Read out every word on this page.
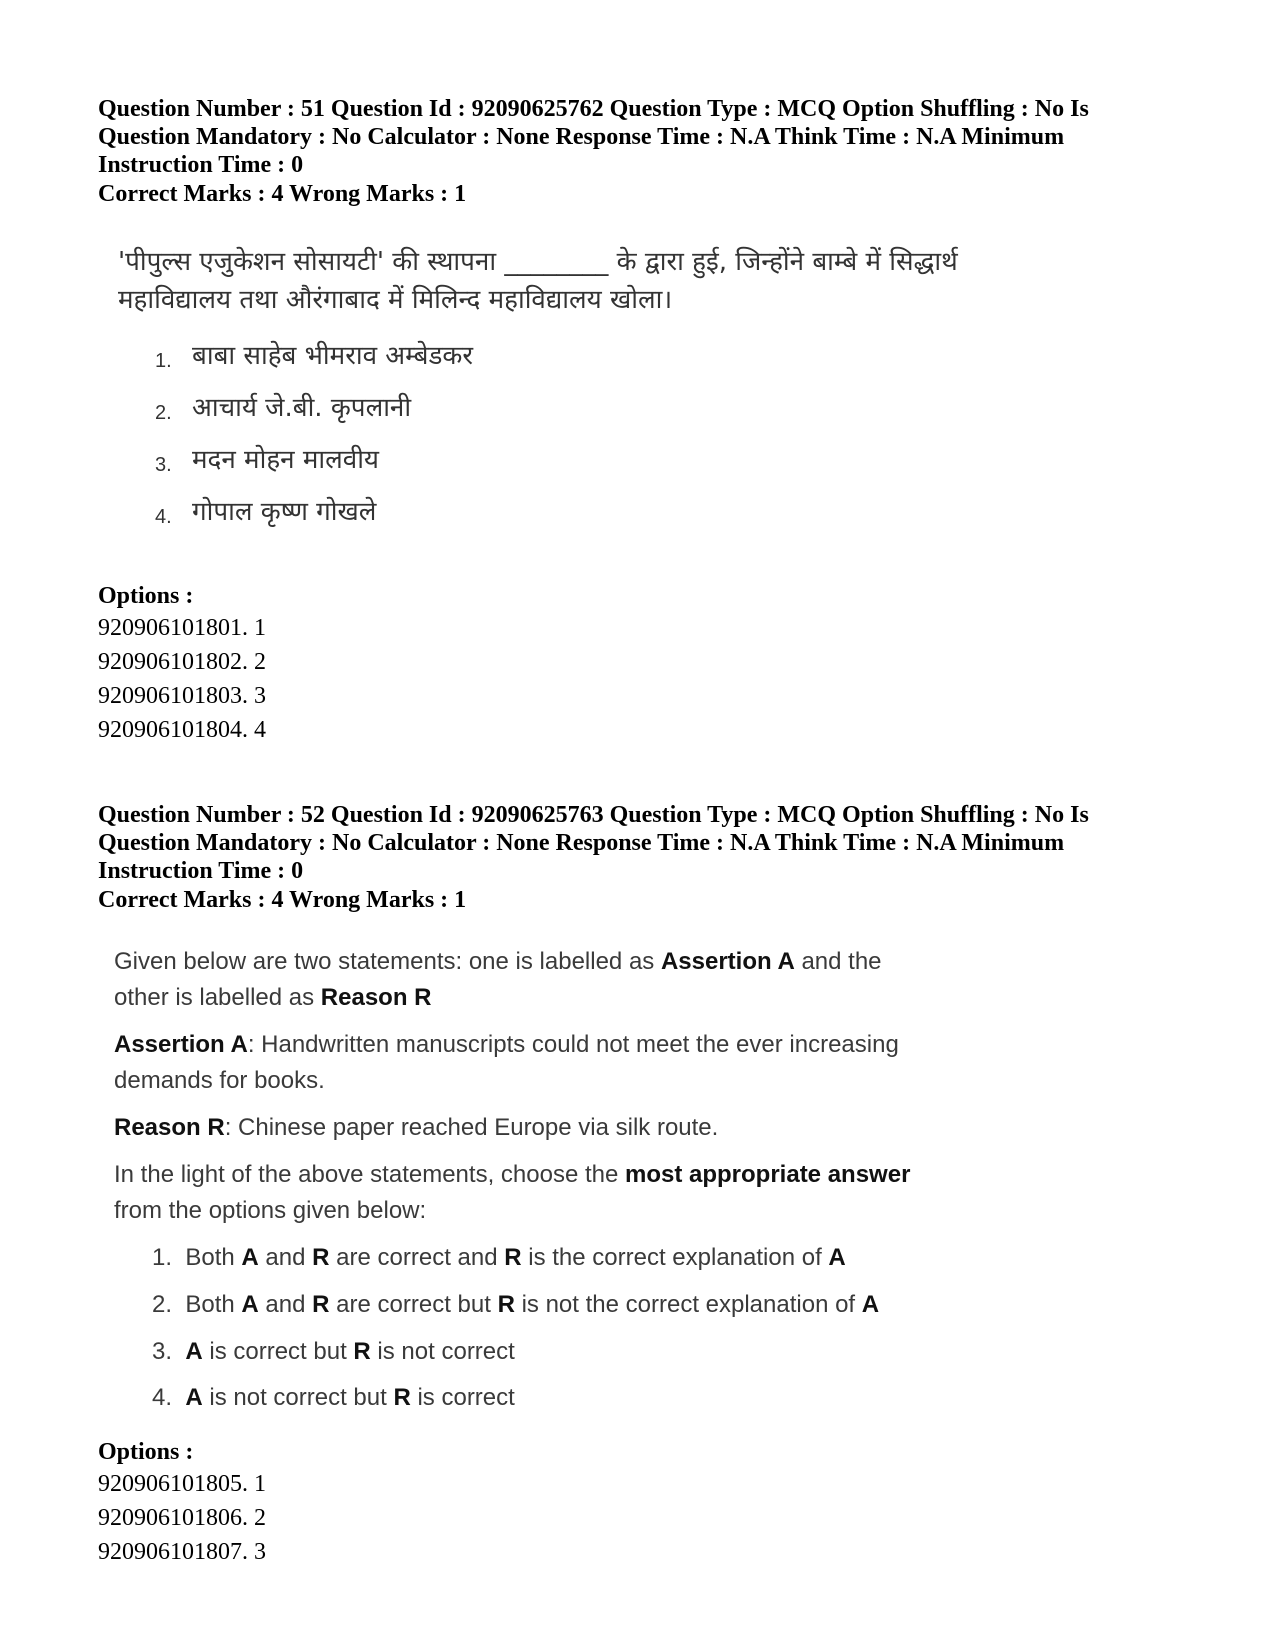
Question Number : 51 Question Id : 92090625762 Question Type : MCQ Option Shuffling : No Is Question Mandatory : No Calculator : None Response Time : N.A Think Time : N.A Minimum Instruction Time : 0

Correct Marks : 4 Wrong Marks : 1
'पीपुल्स एजुकेशन सोसायटी' की स्थापना ________ के द्वारा हुई, जिन्होंने बाम्बे में सिद्धार्थ
महाविद्यालय तथा औरंगाबाद में मिलिन्द महाविद्यालय खोला।
1. बाबा साहेब भीमराव अम्बेडकर
2. आचार्य जे.बी. कृपलानी
3. मदन मोहन मालवीय
4. गोपाल कृष्ण गोखले
Options :
920906101801. 1
920906101802. 2
920906101803. 3
920906101804. 4

Question Number : 52 Question Id : 92090625763 Question Type : MCQ Option Shuffling : No Is Question Mandatory : No Calculator : None Response Time : N.A Think Time : N.A Minimum Instruction Time : 0

Correct Marks : 4 Wrong Marks : 1
Given below are two statements: one is labelled as Assertion A and the
other is labelled as Reason R
Assertion A: Handwritten manuscripts could not meet the ever increasing
demands for books.
Reason R: Chinese paper reached Europe via silk route.
In the light of the above statements, choose the most appropriate answer
from the options given below:
1. Both A and R are correct and R is the correct explanation of A
2. Both A and R are correct but R is not the correct explanation of A
3. A is correct but R is not correct
4. A is not correct but R is correct
Options :
920906101805. 1
920906101806. 2
920906101807. 3
